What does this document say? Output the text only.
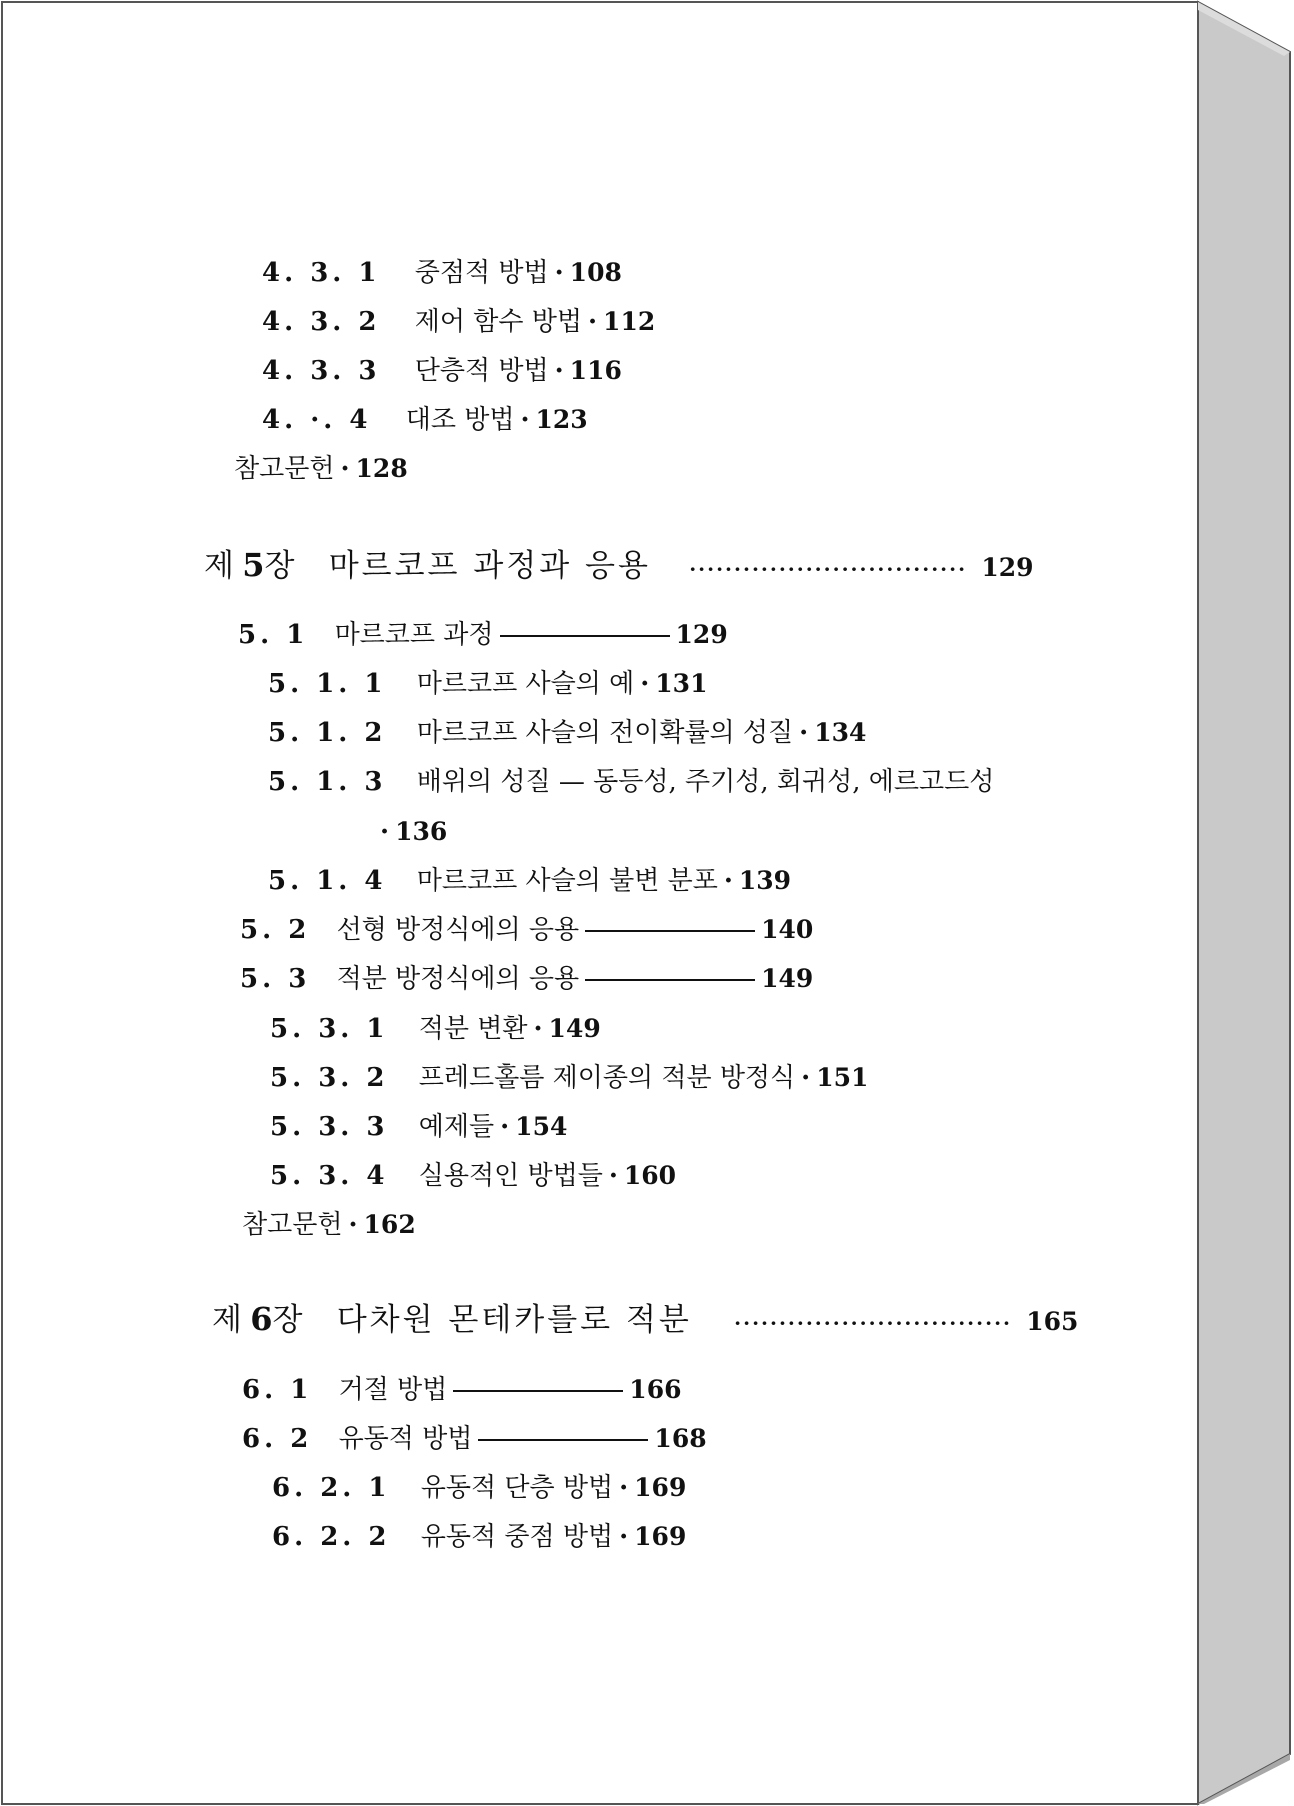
4. 3. 1 중점적 방법 · 108
4. 3. 2 제어 함수 방법 · 112
4. 3. 3 단층적 방법 · 116
4. ·. 4 대조 방법 · 123
참고문헌 · 128
제 5장 마르코프 과정과 응용 ······························· 129
5. 1 마르코프 과정	129
5. 1. 1 마르코프 사슬의 예 · 131
5. 1. 2 마르코프 사슬의 전이확률의 성질 · 134
5. 1. 3 배위의 성질 — 동등성, 주기성, 회귀성, 에르고드성
· 136
5. 1. 4 마르코프 사슬의 불변 분포 · 139
5. 2 선형 방정식에의 응용	140
5. 3 적분 방정식에의 응용	149
5. 3. 1 적분 변환 · 149
5. 3. 2 프레드홀름 제이종의 적분 방정식 · 151
5. 3. 3 예제들 · 154
5. 3. 4 실용적인 방법들 · 160
참고문헌 · 162
제 6장 다차원 몬테카를로 적분 ······························· 165
6. 1 거절 방법	166
6. 2 유동적 방법	168
6. 2. 1 유동적 단층 방법 · 169
6. 2. 2 유동적 중점 방법 · 169
